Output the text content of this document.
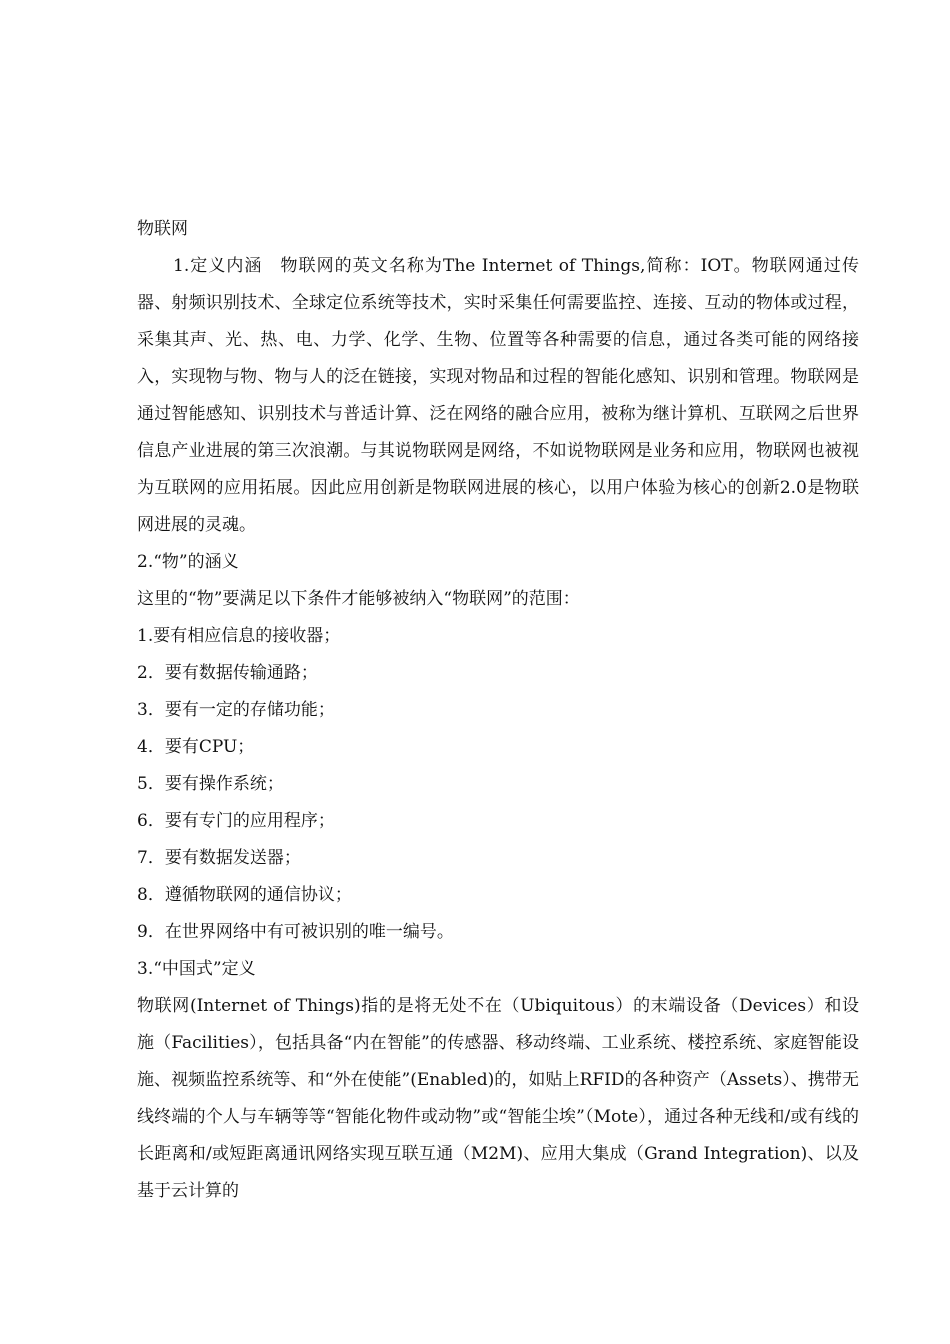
物联网

1.定义内涵　物联网的英文名称为The Internet of Things,简称：IOT。物联网通过传器、射频识别技术、全球定位系统等技术，实时采集任何需要监控、连接、互动的物体或过程，采集其声、光、热、电、力学、化学、生物、位置等各种需要的信息，通过各类可能的网络接入，实现物与物、物与人的泛在链接，实现对物品和过程的智能化感知、识别和管理。物联网是通过智能感知、识别技术与普适计算、泛在网络的融合应用，被称为继计算机、互联网之后世界信息产业进展的第三次浪潮。与其说物联网是网络，不如说物联网是业务和应用，物联网也被视为互联网的应用拓展。因此应用创新是物联网进展的核心，以用户体验为核心的创新2.0是物联网进展的灵魂。

2.“物”的涵义

这里的“物”要满足以下条件才能够被纳入“物联网”的范围：

1.要有相应信息的接收器；

2．要有数据传输通路；

3．要有一定的存储功能；

4．要有CPU；

5．要有操作系统；

6．要有专门的应用程序；

7．要有数据发送器；

8．遵循物联网的通信协议；

9．在世界网络中有可被识别的唯一编号。

3.“中国式”定义

物联网(Internet of Things)指的是将无处不在（Ubiquitous）的末端设备（Devices）和设施（Facilities），包括具备“内在智能”的传感器、移动终端、工业系统、楼控系统、家庭智能设施、视频监控系统等、和“外在使能”(Enabled)的，如贴上RFID的各种资产（Assets）、携带无线终端的个人与车辆等等“智能化物件或动物”或“智能尘埃”（Mote），通过各种无线和/或有线的长距离和/或短距离通讯网络实现互联互通（M2M)、应用大集成（Grand Integration)、以及基于云计算的
